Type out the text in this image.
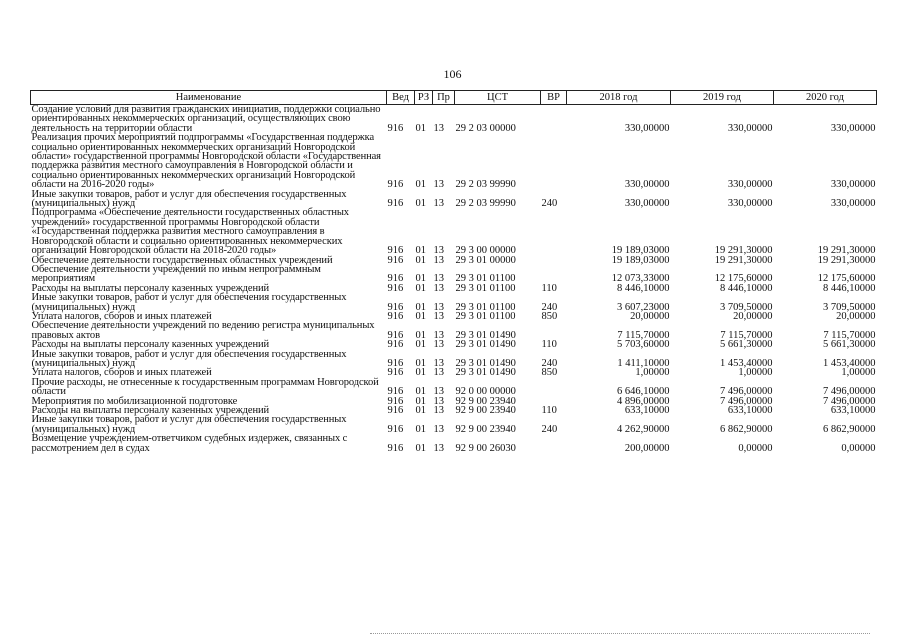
106
Наименование	Вед	РЗ	Пр	ЦСТ	ВР	2018 год	2019 год	2020 год
Создание условий для развития гражданских инициатив, поддержки социально ориентированных некоммерческих организаций, осуществляющих свою деятельность на территории области	916	01	13	29 2 03 00000		330,00000	330,00000	330,00000
Реализация прочих мероприятий подпрограммы «Государственная поддержка социально ориентированных некоммерческих организаций Новгородской области» государственной программы Новгородской области «Государственная поддержка развития местного самоуправления в Новгородской области и социально ориентированных некоммерческих организаций Новгородской области на 2016-2020 годы»	916	01	13	29 2 03 99990		330,00000	330,00000	330,00000
Иные закупки товаров, работ и услуг для обеспечения государственных (муниципальных) нужд	916	01	13	29 2 03 99990	240	330,00000	330,00000	330,00000
Подпрограмма «Обеспечение деятельности государственных областных учреждений» государственной программы Новгородской области «Государственная поддержка развития местного самоуправления в Новгородской области и социально ориентированных некоммерческих организаций Новгородской области на 2018-2020 годы»	916	01	13	29 3 00 00000		19 189,03000	19 291,30000	19 291,30000
Обеспечение деятельности государственных областных учреждений	916	01	13	29 3 01 00000		19 189,03000	19 291,30000	19 291,30000
Обеспечение деятельности учреждений по иным непрограммным мероприятиям	916	01	13	29 3 01 01100		12 073,33000	12 175,60000	12 175,60000
Расходы на выплаты персоналу казенных учреждений	916	01	13	29 3 01 01100	110	8 446,10000	8 446,10000	8 446,10000
Иные закупки товаров, работ и услуг для обеспечения государственных (муниципальных) нужд	916	01	13	29 3 01 01100	240	3 607,23000	3 709,50000	3 709,50000
Уплата налогов, сборов и иных платежей	916	01	13	29 3 01 01100	850	20,00000	20,00000	20,00000
Обеспечение деятельности учреждений по ведению регистра муниципальных правовых актов	916	01	13	29 3 01 01490		7 115,70000	7 115,70000	7 115,70000
Расходы на выплаты персоналу казенных учреждений	916	01	13	29 3 01 01490	110	5 703,60000	5 661,30000	5 661,30000
Иные закупки товаров, работ и услуг для обеспечения государственных (муниципальных) нужд	916	01	13	29 3 01 01490	240	1 411,10000	1 453,40000	1 453,40000
Уплата налогов, сборов и иных платежей	916	01	13	29 3 01 01490	850	1,00000	1,00000	1,00000
Прочие расходы, не отнесенные к государственным программам Новгородской области	916	01	13	92 0 00 00000		6 646,10000	7 496,00000	7 496,00000
Мероприятия по мобилизационной подготовке	916	01	13	92 9 00 23940		4 896,00000	7 496,00000	7 496,00000
Расходы на выплаты персоналу казенных учреждений	916	01	13	92 9 00 23940	110	633,10000	633,10000	633,10000
Иные закупки товаров, работ и услуг для обеспечения государственных (муниципальных) нужд	916	01	13	92 9 00 23940	240	4 262,90000	6 862,90000	6 862,90000
Возмещение учреждением-ответчиком судебных издержек, связанных с рассмотрением дел в судах	916	01	13	92 9 00 26030		200,00000	0,00000	0,00000
